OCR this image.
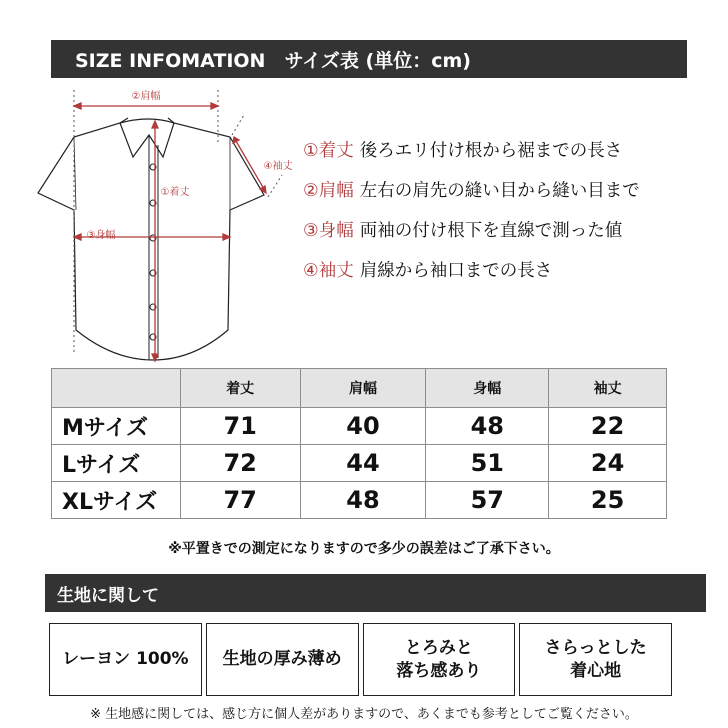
SIZE INFOMATION　サイズ表 (単位：cm)
②肩幅
④袖丈
①着丈
③身幅
①着丈 後ろエリ付け根から裾までの長さ
②肩幅 左右の肩先の縫い目から縫い目まで
③身幅 両袖の付け根下を直線で測った値
④袖丈 肩線から袖口までの長さ
	着丈	肩幅	身幅	袖丈
Mサイズ	71	40	48	22
Lサイズ	72	44	51	24
XLサイズ	77	48	57	25
※平置きでの測定になりますので多少の誤差はご了承下さい。
生地に関して
レーヨン 100%	生地の厚み薄め
とろみと
落ち感あり
さらっとした
着心地
※ 生地感に関しては、感じ方に個人差がありますので、あくまでも参考としてご覧ください。
